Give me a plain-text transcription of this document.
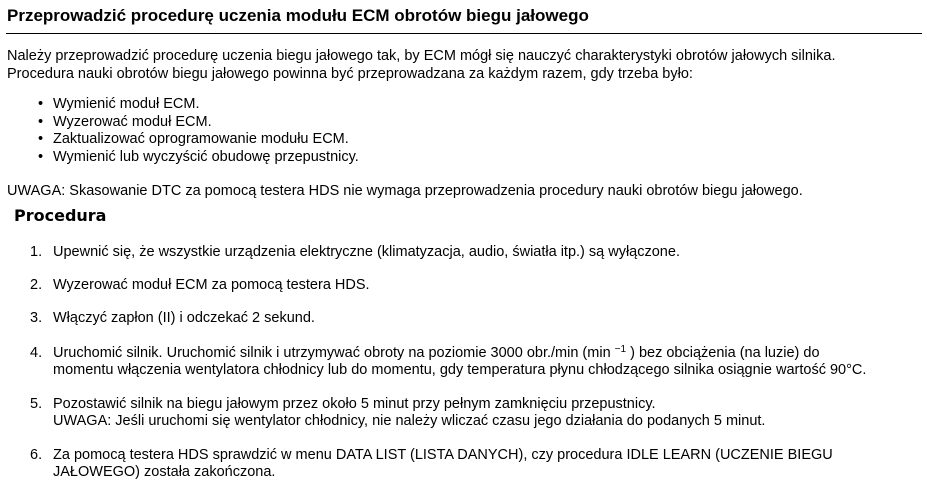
Przeprowadzić procedurę uczenia modułu ECM obrotów biegu jałowego

Należy przeprowadzić procedurę uczenia biegu jałowego tak, by ECM mógł się nauczyć charakterystyki obrotów jałowych silnika.
Procedura nauki obrotów biegu jałowego powinna być przeprowadzana za każdym razem, gdy trzeba było:

• Wymienić moduł ECM.
• Wyzerować moduł ECM.
• Zaktualizować oprogramowanie modułu ECM.
• Wymienić lub wyczyścić obudowę przepustnicy.

UWAGA: Skasowanie DTC za pomocą testera HDS nie wymaga przeprowadzenia procedury nauki obrotów biegu jałowego.

Procedura
1. Upewnić się, że wszystkie urządzenia elektryczne (klimatyzacja, audio, światła itp.) są wyłączone.
2. Wyzerować moduł ECM za pomocą testera HDS.
3. Włączyć zapłon (II) i odczekać 2 sekund.
4. Uruchomić silnik. Uruchomić silnik i utrzymywać obroty na poziomie 3000 obr./min (min $^{-1}$ ) bez obciążenia (na luzie) do
momentu włączenia wentylatora chłodnicy lub do momentu, gdy temperatura płynu chłodzącego silnika osiągnie wartość 90°C.
5. Pozostawić silnik na biegu jałowym przez około 5 minut przy pełnym zamknięciu przepustnicy.
UWAGA: Jeśli uruchomi się wentylator chłodnicy, nie należy wliczać czasu jego działania do podanych 5 minut.
6. Za pomocą testera HDS sprawdzić w menu DATA LIST (LISTA DANYCH), czy procedura IDLE LEARN (UCZENIE BIEGU
JAŁOWEGO) została zakończona.
